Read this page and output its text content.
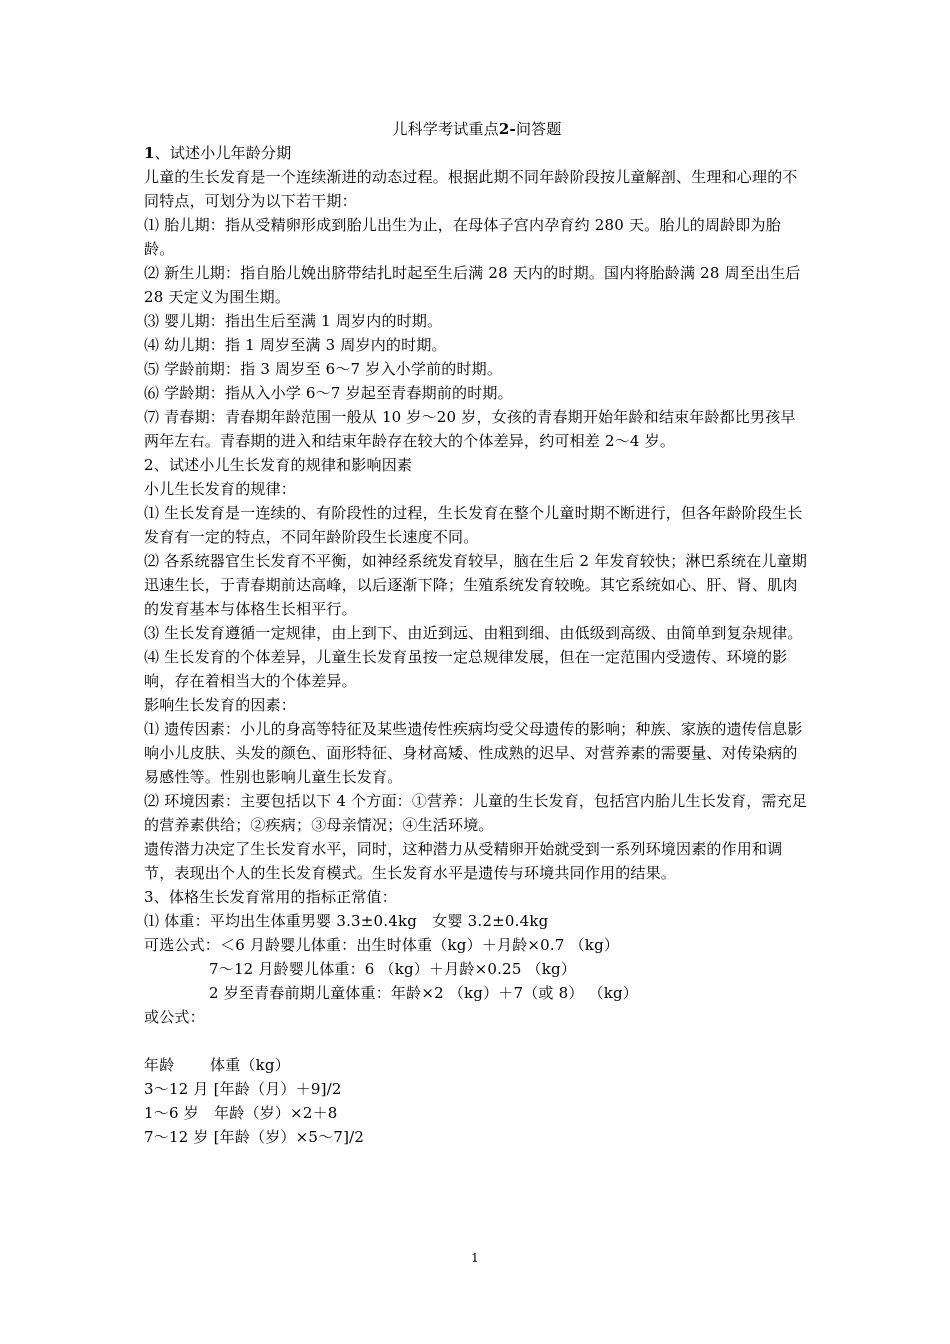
儿科学考试重点2-问答题

1、试述小儿年龄分期

儿童的生长发育是一个连续渐进的动态过程。根据此期不同年龄阶段按儿童解剖、生理和心理的不同特点，可划分为以下若干期：

⑴ 胎儿期：指从受精卵形成到胎儿出生为止，在母体子宫内孕育约 280 天。胎儿的周龄即为胎龄。

⑵ 新生儿期：指自胎儿娩出脐带结扎时起至生后满 28 天内的时期。国内将胎龄满 28 周至出生后 28 天定义为围生期。

⑶ 婴儿期：指出生后至满 1 周岁内的时期。

⑷ 幼儿期：指 1 周岁至满 3 周岁内的时期。

⑸ 学龄前期：指 3 周岁至 6～7 岁入小学前的时期。

⑹ 学龄期：指从入小学 6～7 岁起至青春期前的时期。

⑺ 青春期：青春期年龄范围一般从 10 岁～20 岁，女孩的青春期开始年龄和结束年龄都比男孩早两年左右。青春期的进入和结束年龄存在较大的个体差异，约可相差 2～4 岁。

2、试述小儿生长发育的规律和影响因素

小儿生长发育的规律：

⑴ 生长发育是一连续的、有阶段性的过程，生长发育在整个儿童时期不断进行，但各年龄阶段生长发育有一定的特点，不同年龄阶段生长速度不同。

⑵ 各系统器官生长发育不平衡，如神经系统发育较早，脑在生后 2 年发育较快；淋巴系统在儿童期迅速生长，于青春期前达高峰，以后逐渐下降；生殖系统发育较晚。其它系统如心、肝、肾、肌肉的发育基本与体格生长相平行。

⑶ 生长发育遵循一定规律，由上到下、由近到远、由粗到细、由低级到高级、由简单到复杂规律。

⑷ 生长发育的个体差异，儿童生长发育虽按一定总规律发展，但在一定范围内受遗传、环境的影响，存在着相当大的个体差异。

影响生长发育的因素：

⑴ 遗传因素：小儿的身高等特征及某些遗传性疾病均受父母遗传的影响；种族、家族的遗传信息影响小儿皮肤、头发的颜色、面形特征、身材高矮、性成熟的迟早、对营养素的需要量、对传染病的易感性等。性别也影响儿童生长发育。

⑵ 环境因素：主要包括以下 4 个方面：①营养：儿童的生长发育，包括宫内胎儿生长发育，需充足的营养素供给；②疾病；③母亲情况；④生活环境。

遗传潜力决定了生长发育水平，同时，这种潜力从受精卵开始就受到一系列环境因素的作用和调节，表现出个人的生长发育模式。生长发育水平是遗传与环境共同作用的结果。

3、体格生长发育常用的指标正常值：

⑴ 体重：平均出生体重男婴 3.3±0.4kg　女婴 3.2±0.4kg

可选公式：＜6 月龄婴儿体重：出生时体重（kg）＋月龄×0.7 （kg）

7～12 月龄婴儿体重：6 （kg）＋月龄×0.25 （kg）

2 岁至青春前期儿童体重：年龄×2 （kg）＋7（或 8） （kg）

或公式：

年龄	体重（kg）

3～12 月 [年龄（月）＋9]/2

1～6 岁　年龄（岁）×2＋8

7～12 岁 [年龄（岁）×5～7]/2

1
